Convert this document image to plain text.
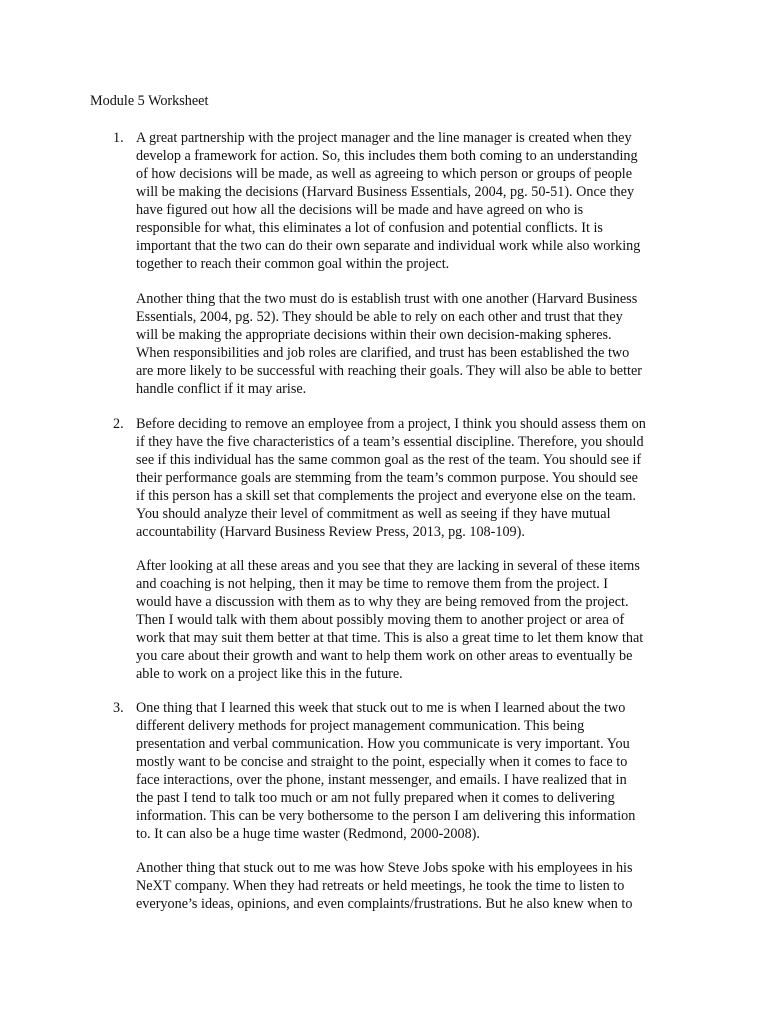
Module 5 Worksheet
1. A great partnership with the project manager and the line manager is created when they
develop a framework for action. So, this includes them both coming to an understanding
of how decisions will be made, as well as agreeing to which person or groups of people
will be making the decisions (Harvard Business Essentials, 2004, pg. 50-51). Once they
have figured out how all the decisions will be made and have agreed on who is
responsible for what, this eliminates a lot of confusion and potential conflicts. It is
important that the two can do their own separate and individual work while also working
together to reach their common goal within the project.
Another thing that the two must do is establish trust with one another (Harvard Business
Essentials, 2004, pg. 52). They should be able to rely on each other and trust that they
will be making the appropriate decisions within their own decision-making spheres.
When responsibilities and job roles are clarified, and trust has been established the two
are more likely to be successful with reaching their goals. They will also be able to better
handle conflict if it may arise.
2. Before deciding to remove an employee from a project, I think you should assess them on
if they have the five characteristics of a team’s essential discipline. Therefore, you should
see if this individual has the same common goal as the rest of the team. You should see if
their performance goals are stemming from the team’s common purpose. You should see
if this person has a skill set that complements the project and everyone else on the team.
You should analyze their level of commitment as well as seeing if they have mutual
accountability (Harvard Business Review Press, 2013, pg. 108-109).
After looking at all these areas and you see that they are lacking in several of these items
and coaching is not helping, then it may be time to remove them from the project. I
would have a discussion with them as to why they are being removed from the project.
Then I would talk with them about possibly moving them to another project or area of
work that may suit them better at that time. This is also a great time to let them know that
you care about their growth and want to help them work on other areas to eventually be
able to work on a project like this in the future.
3. One thing that I learned this week that stuck out to me is when I learned about the two
different delivery methods for project management communication. This being
presentation and verbal communication. How you communicate is very important. You
mostly want to be concise and straight to the point, especially when it comes to face to
face interactions, over the phone, instant messenger, and emails. I have realized that in
the past I tend to talk too much or am not fully prepared when it comes to delivering
information. This can be very bothersome to the person I am delivering this information
to. It can also be a huge time waster (Redmond, 2000-2008).
Another thing that stuck out to me was how Steve Jobs spoke with his employees in his
NeXT company. When they had retreats or held meetings, he took the time to listen to
everyone’s ideas, opinions, and even complaints/frustrations. But he also knew when to
